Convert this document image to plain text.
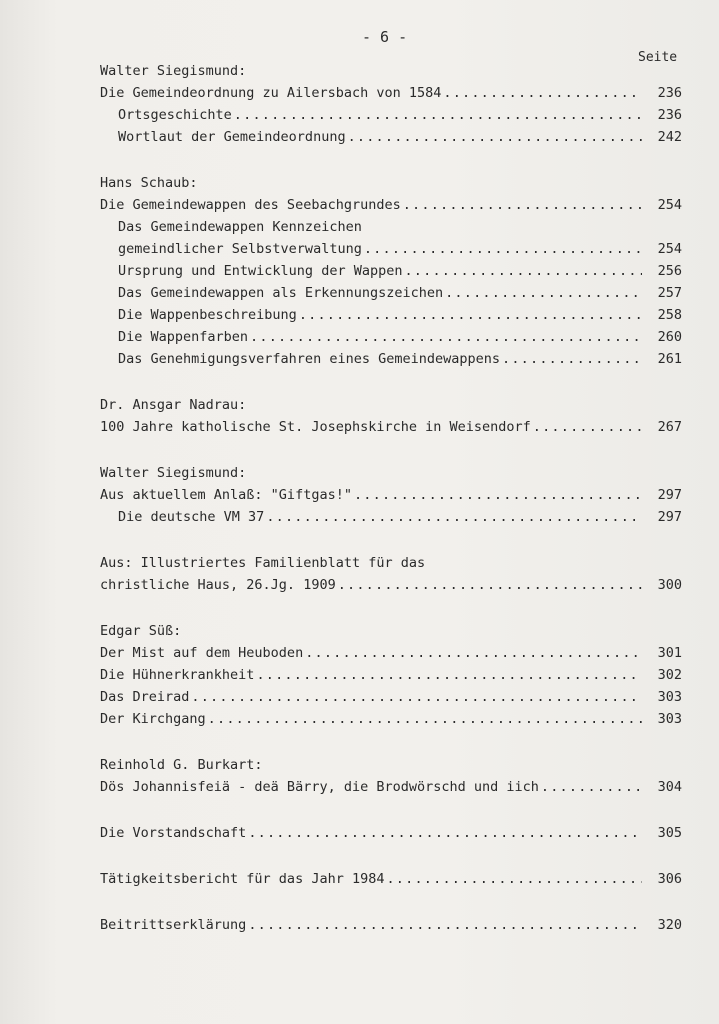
- 6 -
Seite
Walter Siegismund:
Die Gemeindeordnung zu Ailersbach von 1584 .....	236
Ortsgeschichte .....	236
Wortlaut der Gemeindeordnung .....	242
Hans Schaub:
Die Gemeindewappen des Seebachgrundes .....	254
Das Gemeindewappen Kennzeichen
gemeindlicher Selbstverwaltung .....	254
Ursprung und Entwicklung der Wappen .....	256
Das Gemeindewappen als Erkennungszeichen .....	257
Die Wappenbeschreibung .....	258
Die Wappenfarben .....	260
Das Genehmigungsverfahren eines Gemeindewappens .....	261
Dr. Ansgar Nadrau:
100 Jahre katholische St. Josephskirche in Weisendorf .....	267
Walter Siegismund:
Aus aktuellem Anlaß: "Giftgas!" .....	297
Die deutsche VM 37 .....	297
Aus: Illustriertes Familienblatt für das
christliche Haus, 26.Jg. 1909 .....	300
Edgar Süß:
Der Mist auf dem Heuboden .....	301
Die Hühnerkrankheit .....	302
Das Dreirad .....	303
Der Kirchgang .....	303
Reinhold G. Burkart:
Dös Johannisfeiä - deä Bärry, die Brodwörschd und iich .....	304
Die Vorstandschaft .....	305
Tätigkeitsbericht für das Jahr 1984 .....	306
Beitrittserklärung .....	320
